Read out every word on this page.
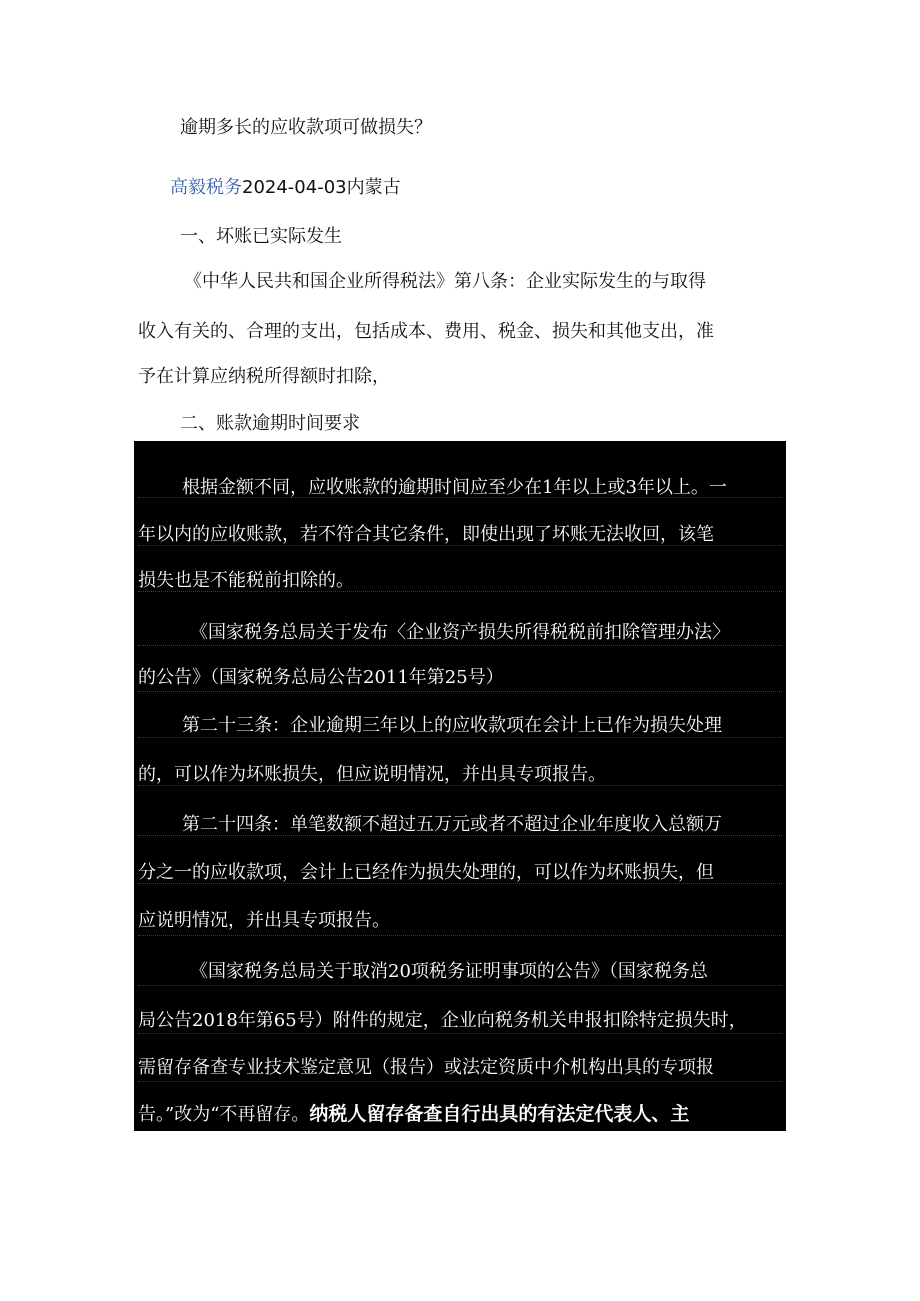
逾期多长的应收款项可做损失？
高毅税务2024-04-03内蒙古
一、坏账已实际发生
《中华人民共和国企业所得税法》第八条：企业实际发生的与取得
收入有关的、合理的支出，包括成本、费用、税金、损失和其他支出，准
予在计算应纳税所得额时扣除，
二、账款逾期时间要求
根据金额不同，应收账款的逾期时间应至少在1年以上或3年以上。一
年以内的应收账款，若不符合其它条件，即使出现了坏账无法收回，该笔
损失也是不能税前扣除的。
《国家税务总局关于发布〈企业资产损失所得税税前扣除管理办法〉
的公告》（国家税务总局公告2011年第25号）
第二十三条：企业逾期三年以上的应收款项在会计上已作为损失处理
的，可以作为坏账损失，但应说明情况，并出具专项报告。
第二十四条：单笔数额不超过五万元或者不超过企业年度收入总额万
分之一的应收款项，会计上已经作为损失处理的，可以作为坏账损失，但
应说明情况，并出具专项报告。
《国家税务总局关于取消20项税务证明事项的公告》（国家税务总
局公告2018年第65号）附件的规定，企业向税务机关申报扣除特定损失时，
需留存备查专业技术鉴定意见（报告）或法定资质中介机构出具的专项报
告。”改为“不再留存。纳税人留存备查自行出具的有法定代表人、主
